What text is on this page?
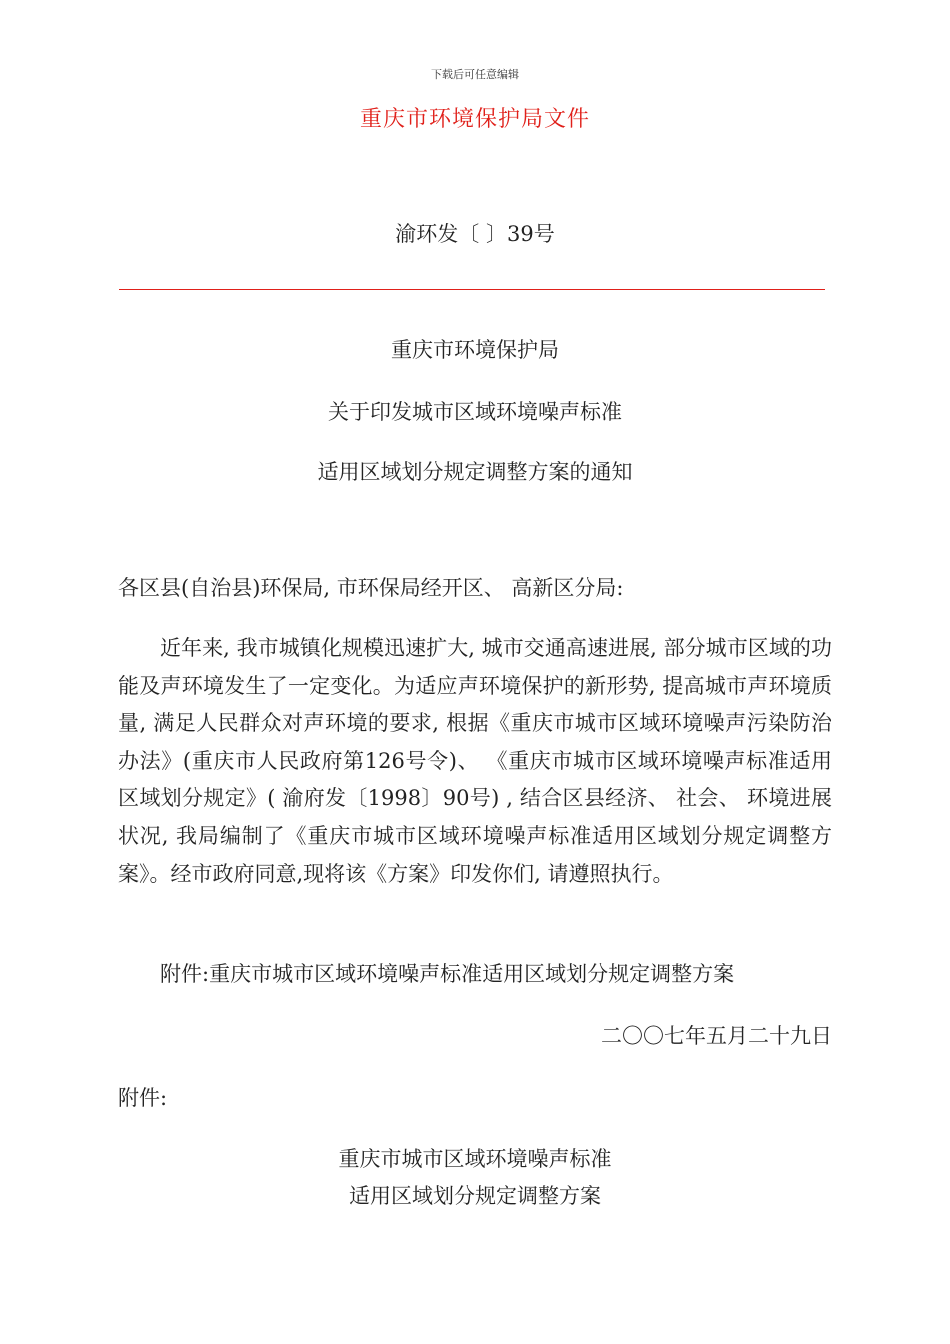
下载后可任意编辑
重庆市环境保护局文件
渝环发〔 〕39号
重庆市环境保护局
关于印发城市区域环境噪声标准
适用区域划分规定调整方案的通知
各区县(自治县)环保局, 市环保局经开区、 高新区分局:
近年来, 我市城镇化规模迅速扩大, 城市交通高速进展, 部分城市区域的功能及声环境发生了一定变化。为适应声环境保护的新形势, 提高城市声环境质量, 满足人民群众对声环境的要求, 根据《重庆市城市区域环境噪声污染防治办法》(重庆市人民政府第126号令)、 《重庆市城市区域环境噪声标准适用区域划分规定》( 渝府发〔1998〕90号) , 结合区县经济、 社会、 环境进展状况, 我局编制了《重庆市城市区域环境噪声标准适用区域划分规定调整方案》。经市政府同意,现将该《方案》印发你们, 请遵照执行。
附件:重庆市城市区域环境噪声标准适用区域划分规定调整方案
二〇〇七年五月二十九日
附件:
重庆市城市区域环境噪声标准
适用区域划分规定调整方案
